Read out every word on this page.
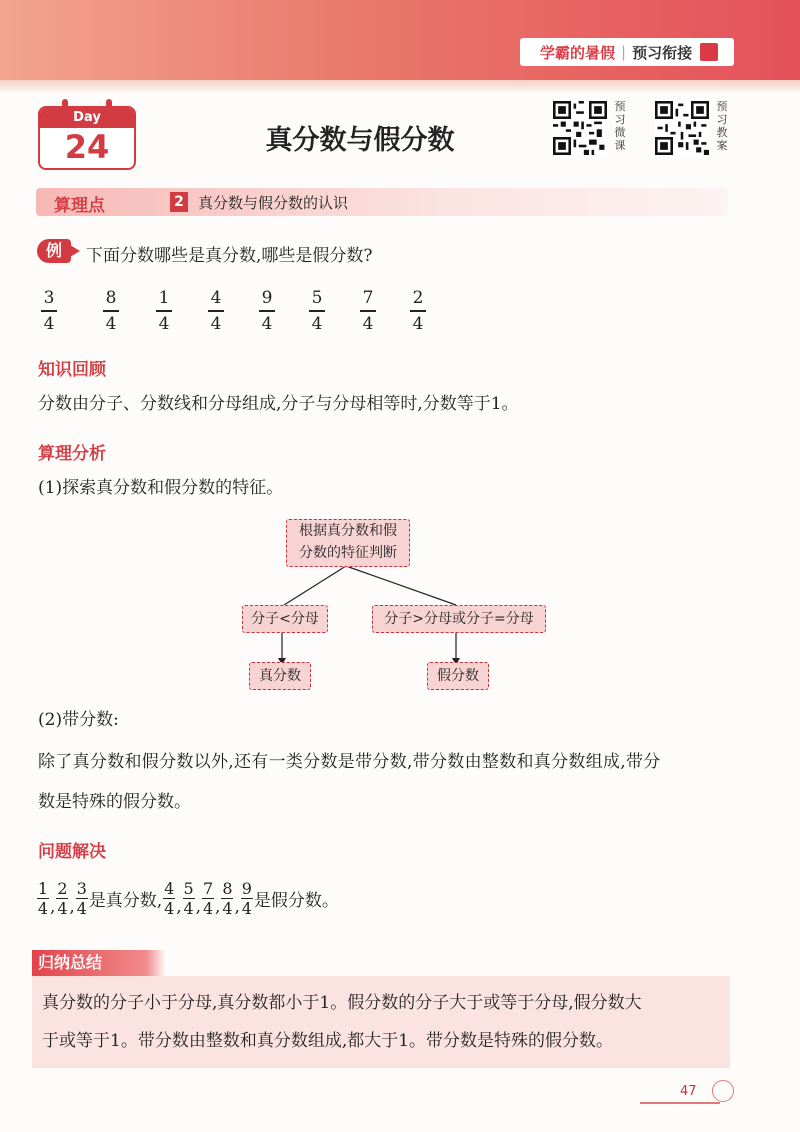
学霸的暑假 | 预习衔接
Day
24	真分数与假分数
预习微课
预习教案
算理点	2 真分数与假分数的认识
例	下面分数哪些是真分数,哪些是假分数?
3
4
8
4
1
4
4
4
9
4
5
4
7
4
2
4
知识回顾
分数由分子、分数线和分母组成,分子与分母相等时,分数等于1。
算理分析
(1)探索真分数和假分数的特征。
根据真分数和假
分数的特征判断
分子<分母	分子>分母或分子=分母
真分数	假分数
(2)带分数:
除了真分数和假分数以外,还有一类分数是带分数,带分数由整数和真分数组成,带分
数是特殊的假分数。
问题解决
1
4 ,
2
4 ,
3
4 是真分数,
4
4 ,
5
4 ,
7
4 ,
8
4 ,
9
4 是假分数。
归纳总结
真分数的分子小于分母,真分数都小于1。假分数的分子大于或等于分母,假分数大
于或等于1。带分数由整数和真分数组成,都大于1。带分数是特殊的假分数。
47
